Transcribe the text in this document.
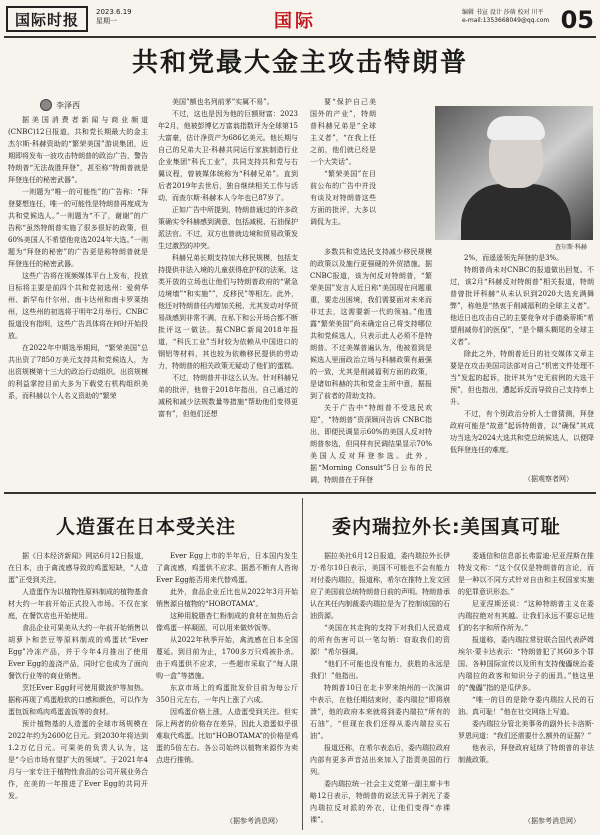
国际时报	2023.6.19
星期一	国际	编辑 书宣 设计 莎萌 校对 川平
e-mail:1353668049@qq.com 05
共和党最大金主攻击特朗普
李泽西

据美国消费者新闻与商业频道(CNBC)12日报道，共和党长期最大的金主杰尔斯·科赫资助的“繁荣美国”游说集团，近期即将发布一波攻击特朗普的政治广告，警告特朗普“无法战胜拜登”，甚至称“特朗普就是拜登连任的秘密武器”。

一则题为“唯一的可能性”的广告称：“拜登要想连任，唯一的可能性是特朗普再度成为共和党候选人。”一则题为“不了，谢谢”的广告称“虽然特朗普实施了很多很好的政策，但60%美国人不希望他竞选2024年大选。”一则题为“拜登的秘密”的广告更是称特朗普就是拜登连任的秘密武器。

这些广告将在视频媒体平台上发布，投放目标将主要是前四个共和党初选州：爱荷华州、新罕布什尔州、南卡达州和南卡罗莱纳州，这些州的初选将于明年2月举行。CNBC报道没有指明，这些广告具体将在何时开始投放。

在2022年中期选举期间，“繁荣美国”总共出资了7850万美元支持共和党候选人，为出资规模第十三大的政治行动组织。出资规模的利益掌控目前大多为下载党右机构组织美系，而科赫以个人名义资助的“繁荣

美国”额也名列前茅”实属不易”。

不过，这也是因为他的巨额财富：2023年2月，他被彭博亿万富翁指数评为全球第15大富豪，估计净资产为686亿美元。他长期与自己的兄弟大卫·科赫共同运行家族制造行业企业集团“科氏工业”，共同支持共和党与右翼议程，曾被媒体统称为“科赫兄弟”。直到后者2019年去世后，独自继续相关工作与活动，而查尔斯·科赫本人今年也已87岁了。

正如广告中所提到，特朗普通过的许多政策确实令科赫感到满意，包括减税、石油保护派法官。不过，双方也曾就边境和贸易政策发生过激烈的冲突。

科赫兄弟长期支持加大移民规模，包括支持提供非法入境的儿童获得庇护权的法案，这类开放的立场也让他们与特朗普政府的“紧急边境墙”“和实施””，反移民”等相左。此外，他还对特朗普任内增加关税、尤其发动对华贸易战感到非常不满，在私下和公开场合都不断批评这一做法。据CNBC新闻2018年报道，“科氏工业”当时较为依赖从中国进口的钢铝等材料，其也较为依赖移民提供的劳动力，特朗普的相关政策无疑动了他们的蛋糕。

不过，特朗普并非这么认为。针对科赫兄弟的批评，他曾于2018年指出，自己通过的减税和减少法规数量等措施“帮助他们变得更富有”，但他们还想

要“保护自己美国外的产业”，特朗普科赫兄弟是“全球主义者”，“在我上任之前，他们就已经是一个大笑话”。

“繁荣美国”在目前公布的广告中并没有谈及对特朗普这些方面的批评，大多以调侃为主。

查尔斯·科赫

多数共和党选民支持减少移民规模的政策以及施行更强硬的外贸措施。据CNBC报道，该为何反对特朗普，“繁荣美国”发言人近日称“美国现在问题重重，要走出困境，我们需要面对未来而非过去，这需要新一代的领袖。”他透露“繁荣美国”尚未确定自己将支持哪位共和党候选人，只表示此人必须不是特朗普。不过美媒普遍认为，他被看到是候选人里面政治立场与科赫政策有最强的一致，尤其是削减福利方面的政策，是诸如科赫的共和党金主所中意，据报到了前者的背助支持。

关于广告中“特朗普不受选民欢迎”，“特朗普”资深顾问告诉 CNBC指出，即便民调显示60%的美国人反对特朗普参选，但同样有民调结果显示70%美国人反对拜登参选。此外，据“Morning Consult”5日公布的民调，特朗普在于拜登

2%，而遥遥领先拜登的是3%。

特朗普尚未对CNBC的报道做出回复。不过，该2月“科赫反对特朗普”相关报道，特朗普曾批评科赫“从未认识到2020大选充满舞弊”，称他是“热衷于削减福利的全球主义者”。他近日也攻击自己的主要竞争对手德桑蒂斯“希望削减你们的医保”，“是个糊头糊尾的全球主义者”。

除此之外，特朗普近日的社交媒体文章主要是在攻击美国司法部对自己“机密文件处理不当”发起的起诉，批评其为“史无前例的大选干预”，但也指出，遭起诉反而导致自己支持率上升。

不过，有个别政治分析人士曾猜测，拜登政府可能是“故意”起诉特朗普，以“确保”其成功当选为2024大选共和党总统候选人，以便降低拜登连任的难度。

（据观察者网）
人造蛋在日本受关注

据《日本经济新闻》网站6月12日报道，在日本，由于禽流感导致的鸡蛋短缺，“人造蛋”正受到关注。

人造蛋作为以植物性原料制成的植物基食材大约一年前开始正式投入市场。不仅在家庭，在餐饮店也开始使用。

食品企业可果美从大约一年前开始销售以胡萝卜和芸豆等原料制成的鸡蛋状“Ever Egg”冷冻产品，并于今年4月推出了使用Ever Egg的盖浇产品，同时它也成为了面向餐饮行业等的商业销售。

烹饪Ever Egg时可使用微波炉等加热。据称再现了鸡蛋般软的口感和颜色，可以作为蛋包饭和鸡肉鸡蛋盖饭等的食材。

预计植物基的人造蛋的全球市场规模在2022年约为2600亿日元。到2030年将达到1.2万亿日元。可果美的负责人认为，这是“今后市场有望扩大的领域”。于2021年4月与一家专注于植物性食品的公司开展业务合作，在美的一年推进了Ever Egg的共同开发。

Ever Egg上市的半年后，日本国内发生了禽流感，鸡蛋供不应求。据悉不断有人咨询Ever Egg能否用来代替鸡蛋。

此外，食品企业丘比也从2022年3月开始销售源自植物的“HOBOTAMA”。

这种用脱脂杏仁粉制成的食材在加热后会像鸡蛋一样凝固，可以用来做炒饭等。

从2022年秋季开始，禽流感在日本全国蔓延。到目前为止，1700多万只鸡被扑杀。由于鸡蛋供不应求，一些超市采取了“每人限购一盒”等措施。

东京市场上的鸡蛋批发价目前为每公斤350日元左右，一年内上涨了六成。

因鸡蛋价格上涨，人造蛋受到关注。但实际上两者的价格存在差异，因此人造蛋似乎很难取代鸡蛋。比如“HOBOTAMA”的价格是鸡蛋的5倍左右。各公司始终以植物来源作为卖点进行推销。

（据参考消息网）
委内瑞拉外长:美国真可耻

据拉美社6月12日报道，委内瑞拉外长伊万·希尔10日表示，美国不可能也不会有能力对付委内瑞拉，报道称，希尔在推特上发文回应了美国前总统特朗普日前的声明。特朗普承认在其任内制裁委内瑞拉是为了控制该国的石油资源。

“美国在其走狗的支持下对我们人民造成的所有伤害可以一笔勾销：窃取我们的资源！”希尔强调。

“他们不可能也没有能力，获胜的永远是我们！”他指出。

特朗普10日在北卡罗来纳州的一次演讲中表示，在他任期结束时，委内瑞拉“即将崩溃”，他的政府本来就将到委内瑞拉“所有的石油”，“但现在我们还得从委内瑞拉买石油”。

报道还称，在希尔表态后，委内瑞拉政府内部有更多声音站出来加入了指责美国的行列。

委内瑞拉统一社会主义党第一副主席卡韦略12日表示，特朗普的说法无异于剥光了委内瑞拉反对派的外衣，让他们变得“赤裸裸”。

委通信和信息部长弗雷迪·尼亚涅斯在推特发文称：“这个仅仅是特朗普的言论，而是一种以不同方式针对自由和主权国家实施的犯罪意识形态。”

尼亚涅斯还说：“这种特朗普主义在委内瑞拉绝对有其越。让我们永远不要忘记他们的名字和所作所为。”

报道称，委内瑞拉常驻联合国代表萨姆埃尔·蒙卡达表示：“特朗普犯了其60多个罪国、各种国际宣传以及所有支持傀儡统治委内瑞拉的政客和知识分子的面具。”他这里的“傀儡”指的是瓜伊多。

“唯一的目的是除夺委内瑞拉人民的石油。真可耻！”他在社交网络上写道。

委内瑞拉分管北美事务的副外长卡洛斯·罗恩问道：“我们还需要什么额外的证据？”

他表示，拜登政府延续了特朗普的非法制裁政策。

（据参考消息网）
